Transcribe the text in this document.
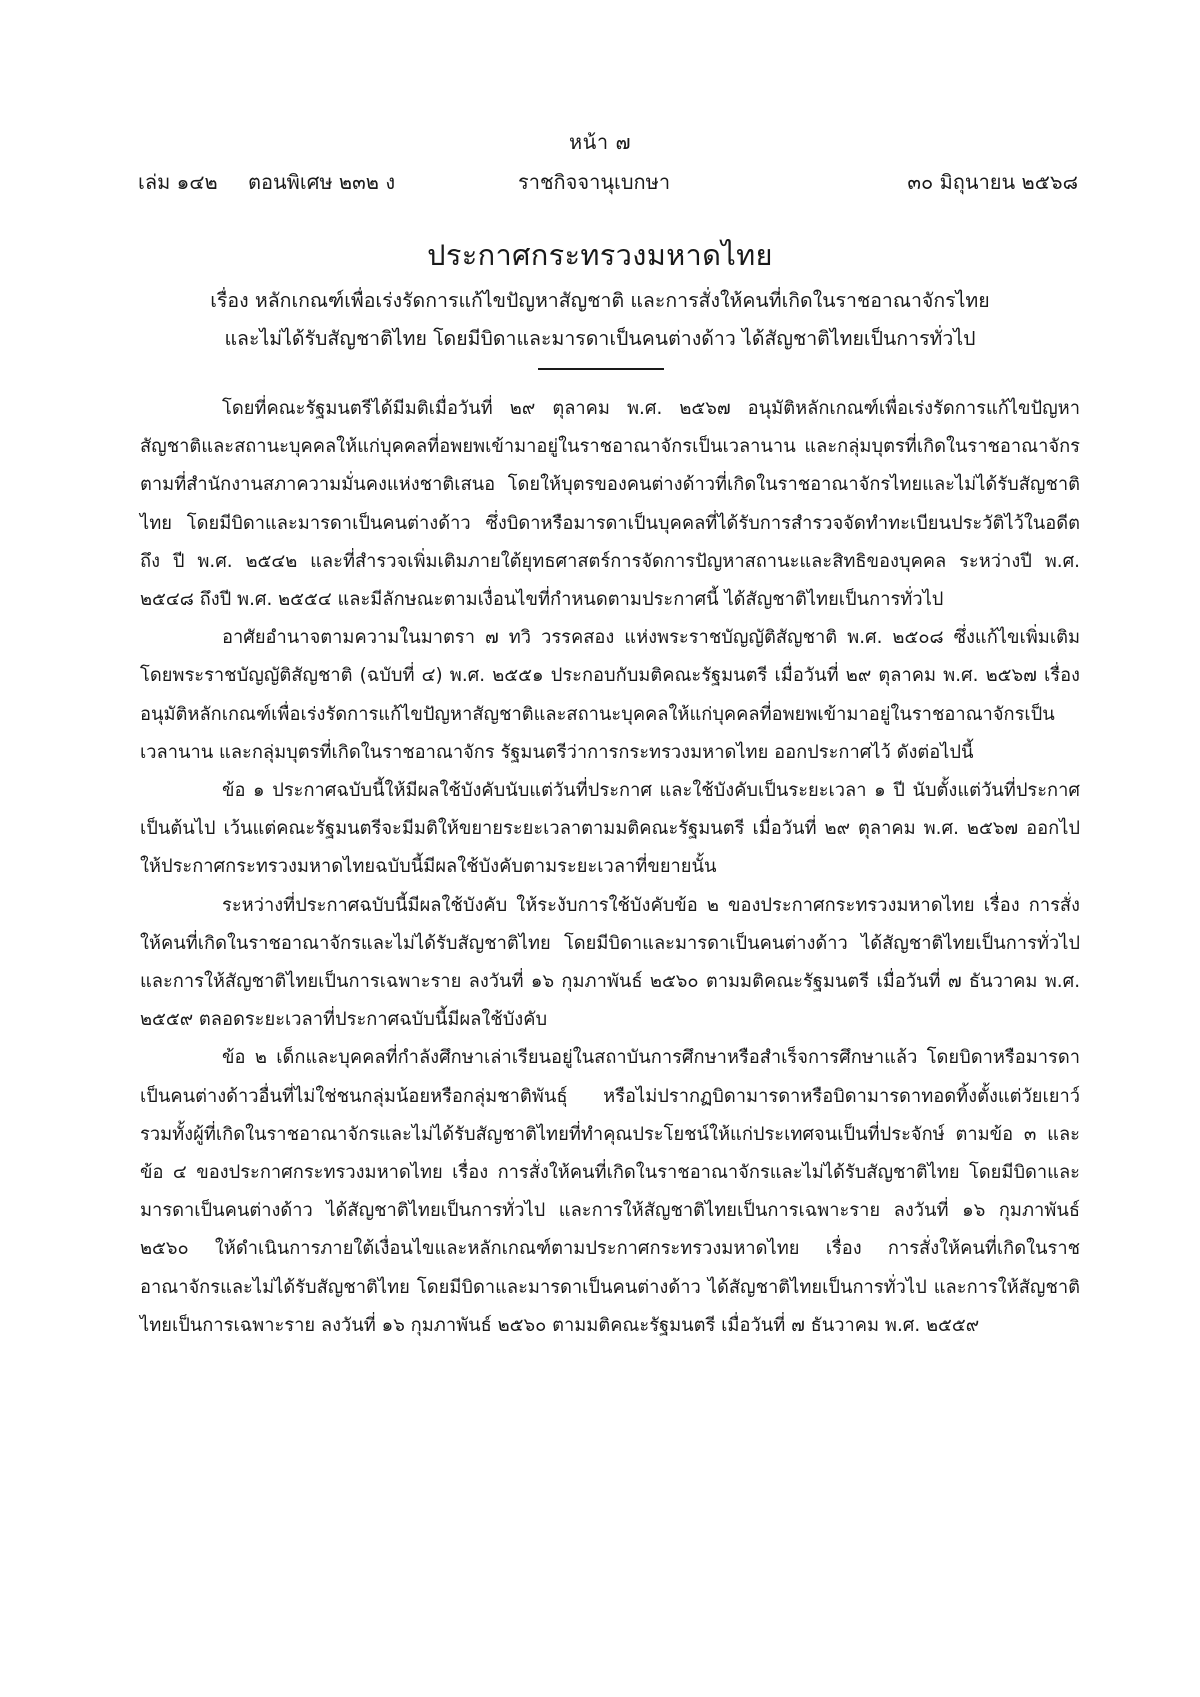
หน้า ๗
เล่ม ๑๔๒ ตอนพิเศษ ๒๓๒ ง	ราชกิจจานุเบกษา	๓๐ มิถุนายน ๒๕๖๘
ประกาศกระทรวงมหาดไทย
เรื่อง หลักเกณฑ์เพื่อเร่งรัดการแก้ไขปัญหาสัญชาติ และการสั่งให้คนที่เกิดในราชอาณาจักรไทย
และไม่ได้รับสัญชาติไทย โดยมีบิดาและมารดาเป็นคนต่างด้าว ได้สัญชาติไทยเป็นการทั่วไป

โดยที่คณะรัฐมนตรีได้มีมติเมื่อวันที่ ๒๙ ตุลาคม พ.ศ. ๒๕๖๗ อนุมัติหลักเกณฑ์เพื่อเร่งรัดการแก้ไขปัญหาสัญชาติและสถานะบุคคลให้แก่บุคคลที่อพยพเข้ามาอยู่ในราชอาณาจักรเป็นเวลานาน และกลุ่มบุตรที่เกิดในราชอาณาจักร ตามที่สำนักงานสภาความมั่นคงแห่งชาติเสนอ โดยให้บุตรของคนต่างด้าวที่เกิดในราชอาณาจักรไทยและไม่ได้รับสัญชาติไทย โดยมีบิดาและมารดาเป็นคนต่างด้าว ซึ่งบิดาหรือมารดาเป็นบุคคลที่ได้รับการสำรวจจัดทำทะเบียนประวัติไว้ในอดีตถึง ปี พ.ศ. ๒๕๔๒ และที่สำรวจเพิ่มเติมภายใต้ยุทธศาสตร์การจัดการปัญหาสถานะและสิทธิของบุคคล ระหว่างปี พ.ศ. ๒๕๔๘ ถึงปี พ.ศ. ๒๕๕๔ และมีลักษณะตามเงื่อนไขที่กำหนดตามประกาศนี้ ได้สัญชาติไทยเป็นการทั่วไป

อาศัยอำนาจตามความในมาตรา ๗ ทวิ วรรคสอง แห่งพระราชบัญญัติสัญชาติ พ.ศ. ๒๕๐๘ ซึ่งแก้ไขเพิ่มเติมโดยพระราชบัญญัติสัญชาติ (ฉบับที่ ๔) พ.ศ. ๒๕๕๑ ประกอบกับมติคณะรัฐมนตรี เมื่อวันที่ ๒๙ ตุลาคม พ.ศ. ๒๕๖๗ เรื่อง อนุมัติหลักเกณฑ์เพื่อเร่งรัดการแก้ไขปัญหาสัญชาติและสถานะบุคคลให้แก่บุคคลที่อพยพเข้ามาอยู่ในราชอาณาจักรเป็นเวลานาน และกลุ่มบุตรที่เกิดในราชอาณาจักร รัฐมนตรีว่าการกระทรวงมหาดไทย ออกประกาศไว้ ดังต่อไปนี้

ข้อ ๑ ประกาศฉบับนี้ให้มีผลใช้บังคับนับแต่วันที่ประกาศ และใช้บังคับเป็นระยะเวลา ๑ ปี นับตั้งแต่วันที่ประกาศเป็นต้นไป เว้นแต่คณะรัฐมนตรีจะมีมติให้ขยายระยะเวลาตามมติคณะรัฐมนตรี เมื่อวันที่ ๒๙ ตุลาคม พ.ศ. ๒๕๖๗ ออกไป ให้ประกาศกระทรวงมหาดไทยฉบับนี้มีผลใช้บังคับตามระยะเวลาที่ขยายนั้น

ระหว่างที่ประกาศฉบับนี้มีผลใช้บังคับ ให้ระงับการใช้บังคับข้อ ๒ ของประกาศกระทรวงมหาดไทย เรื่อง การสั่งให้คนที่เกิดในราชอาณาจักรและไม่ได้รับสัญชาติไทย โดยมีบิดาและมารดาเป็นคนต่างด้าว ได้สัญชาติไทยเป็นการทั่วไป และการให้สัญชาติไทยเป็นการเฉพาะราย ลงวันที่ ๑๖ กุมภาพันธ์ ๒๕๖๐ ตามมติคณะรัฐมนตรี เมื่อวันที่ ๗ ธันวาคม พ.ศ. ๒๕๕๙ ตลอดระยะเวลาที่ประกาศฉบับนี้มีผลใช้บังคับ

ข้อ ๒ เด็กและบุคคลที่กำลังศึกษาเล่าเรียนอยู่ในสถาบันการศึกษาหรือสำเร็จการศึกษาแล้ว โดยบิดาหรือมารดาเป็นคนต่างด้าวอื่นที่ไม่ใช่ชนกลุ่มน้อยหรือกลุ่มชาติพันธุ์ หรือไม่ปรากฏบิดามารดาหรือบิดามารดาทอดทิ้งตั้งแต่วัยเยาว์ รวมทั้งผู้ที่เกิดในราชอาณาจักรและไม่ได้รับสัญชาติไทยที่ทำคุณประโยชน์ให้แก่ประเทศจนเป็นที่ประจักษ์ ตามข้อ ๓ และข้อ ๔ ของประกาศกระทรวงมหาดไทย เรื่อง การสั่งให้คนที่เกิดในราชอาณาจักรและไม่ได้รับสัญชาติไทย โดยมีบิดาและมารดาเป็นคนต่างด้าว ได้สัญชาติไทยเป็นการทั่วไป และการให้สัญชาติไทยเป็นการเฉพาะราย ลงวันที่ ๑๖ กุมภาพันธ์ ๒๕๖๐ ให้ดำเนินการภายใต้เงื่อนไขและหลักเกณฑ์ตามประกาศกระทรวงมหาดไทย เรื่อง การสั่งให้คนที่เกิดในราชอาณาจักรและไม่ได้รับสัญชาติไทย โดยมีบิดาและมารดาเป็นคนต่างด้าว ได้สัญชาติไทยเป็นการทั่วไป และการให้สัญชาติไทยเป็นการเฉพาะราย ลงวันที่ ๑๖ กุมภาพันธ์ ๒๕๖๐ ตามมติคณะรัฐมนตรี เมื่อวันที่ ๗ ธันวาคม พ.ศ. ๒๕๕๙
